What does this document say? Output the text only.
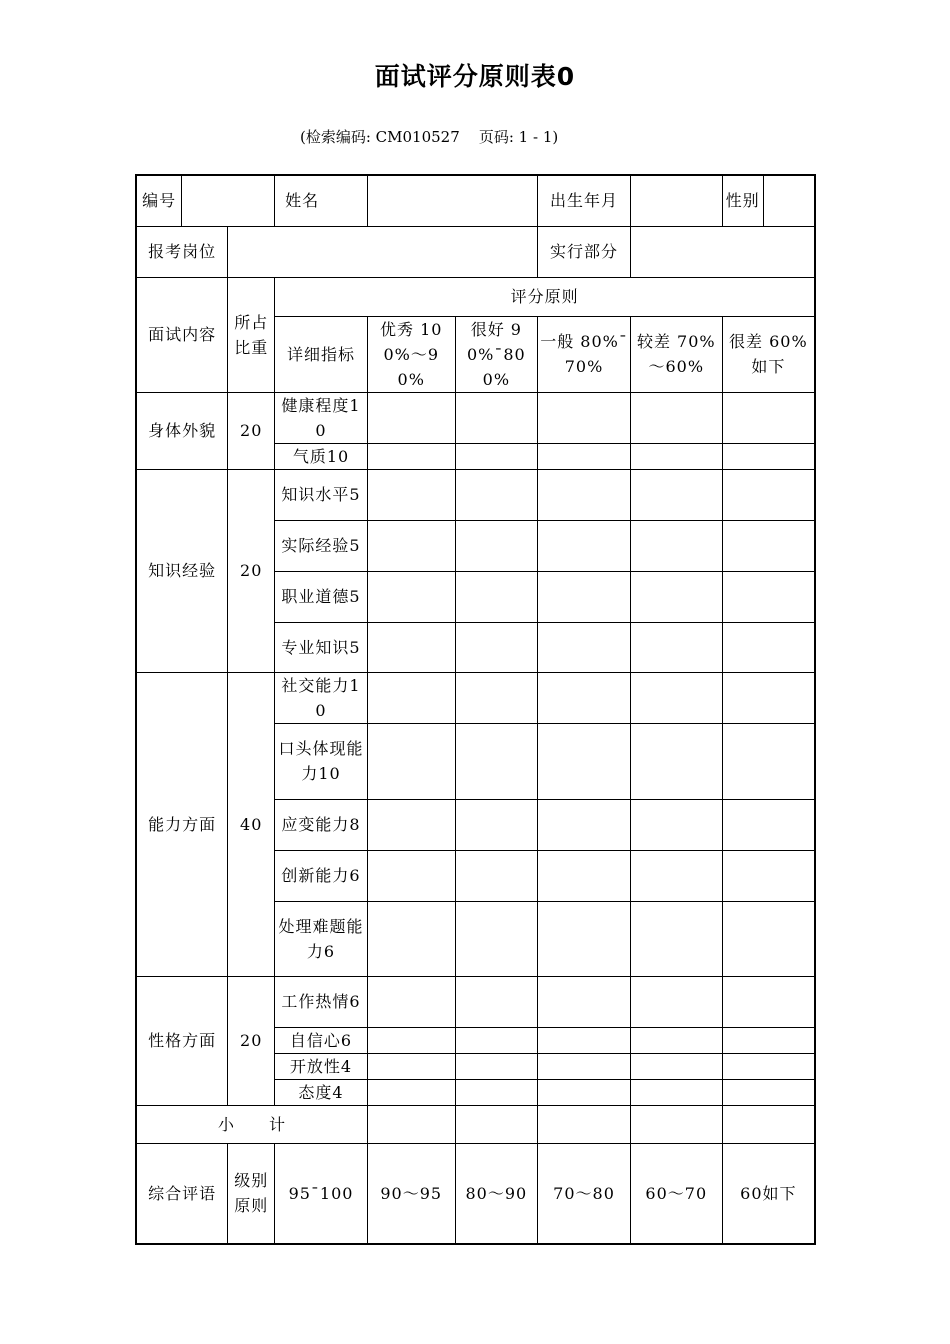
面试评分原则表0
(检索编码: CM010527    页码: 1 - 1)
编号			姓名			出生年月		性别

报考岗位						实行部分		
面试内容		所占比重	评分原则					
			详细指标	优秀 100%～90%	很好 90%¯800%	一般 80%¯70%	较差 70%～60%	很差 60%如下
身体外貌		20	健康程度10					
			气质10					
知识经验		20	知识水平5					
			实际经验5					
			职业道德5					
			专业知识5					
能力方面		40	社交能力10					
			口头体现能力10					
			应变能力8					
			创新能力6					
			处理难题能力6					
性格方面		20	工作热情6					
			自信心6					
			开放性4					
			态度4					
小　　计								
综合评语		级别原则	95¯100	90～95	80～90	70～80	60～70	60如下
